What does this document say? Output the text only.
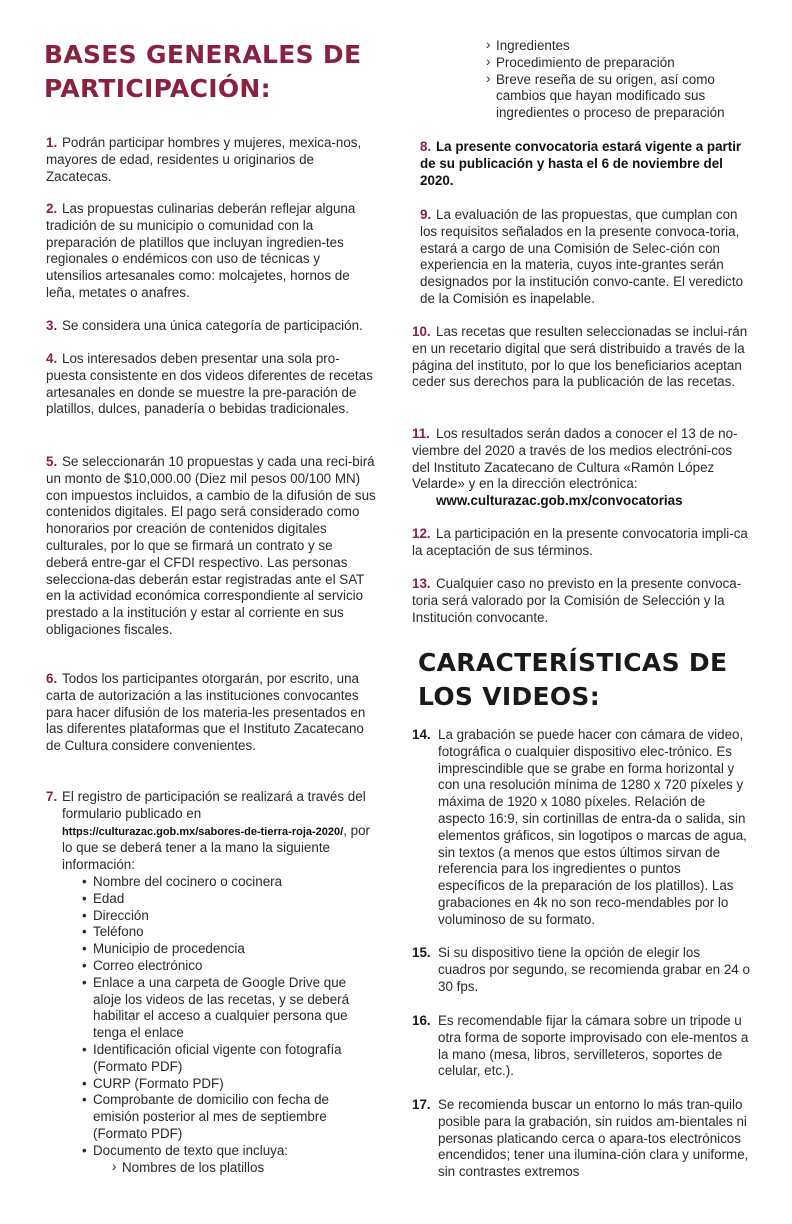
BASES GENERALES DE
PARTICIPACIÓN:
1. Podrán participar hombres y mujeres, mexica-nos, mayores de edad, residentes u originarios de Zacatecas.
2. Las propuestas culinarias deberán reflejar alguna tradición de su municipio o comunidad con la preparación de platillos que incluyan ingredien-tes regionales o endémicos con uso de técnicas y utensilios artesanales como: molcajetes, hornos de leña, metates o anafres.
3. Se considera una única categoría de participación.
4. Los interesados deben presentar una sola pro-puesta consistente en dos videos diferentes de recetas artesanales en donde se muestre la pre-paración de platillos, dulces, panadería o bebidas tradicionales.
5. Se seleccionarán 10 propuestas y cada una reci-birá un monto de $10,000.00 (Diez mil pesos 00/100 MN) con impuestos incluidos, a cambio de la difusión de sus contenidos digitales. El pago será considerado como honorarios por creación de contenidos digitales culturales, por lo que se firmará un contrato y se deberá entre-gar el CFDI respectivo. Las personas selecciona-das deberán estar registradas ante el SAT en la actividad económica correspondiente al servicio prestado a la institución y estar al corriente en sus obligaciones fiscales.
6. Todos los participantes otorgarán, por escrito, una carta de autorización a las instituciones convocantes para hacer difusión de los materia-les presentados en las diferentes plataformas que el Instituto Zacatecano de Cultura considere convenientes.
7. El registro de participación se realizará a través del formulario publicado en
https://culturazac.gob.mx/sabores-de-tierra-roja-2020/, por lo que se deberá tener a la mano la siguiente información:
• Nombre del cocinero o cocinera
• Edad
• Dirección
• Teléfono
• Municipio de procedencia
• Correo electrónico
• Enlace a una carpeta de Google Drive que aloje los videos de las recetas, y se deberá habilitar el acceso a cualquier persona que tenga el enlace
• Identificación oficial vigente con fotografía (Formato PDF)
• CURP (Formato PDF)
• Comprobante de domicilio con fecha de emisión posterior al mes de septiembre (Formato PDF)
• Documento de texto que incluya:
› Nombres de los platillos
› Ingredientes
› Procedimiento de preparación
› Breve reseña de su origen, así como cambios que hayan modificado sus ingredientes o proceso de preparación
8. La presente convocatoria estará vigente a partir de su publicación y hasta el 6 de noviembre del 2020.
9. La evaluación de las propuestas, que cumplan con los requisitos señalados en la presente convoca-toria, estará a cargo de una Comisión de Selec-ción con experiencia en la materia, cuyos inte-grantes serán designados por la institución convo-cante. El veredicto de la Comisión es inapelable.
10. Las recetas que resulten seleccionadas se inclui-rán en un recetario digital que será distribuido a través de la página del instituto, por lo que los beneficiarios aceptan ceder sus derechos para la publicación de las recetas.
11. Los resultados serán dados a conocer el 13 de no-viembre del 2020 a través de los medios electróni-cos del Instituto Zacatecano de Cultura «Ramón López Velarde» y en la dirección electrónica:
www.culturazac.gob.mx/convocatorias
12. La participación en la presente convocatoria impli-ca la aceptación de sus términos.
13. Cualquier caso no previsto en la presente convoca-toria será valorado por la Comisión de Selección y la Institución convocante.
CARACTERÍSTICAS DE
LOS VIDEOS:
14. La grabación se puede hacer con cámara de video, fotográfica o cualquier dispositivo elec-trónico. Es imprescindible que se grabe en forma horizontal y con una resolución mínima de 1280 x 720 píxeles y máxima de 1920 x 1080 píxeles. Relación de aspecto 16:9, sin cortinillas de entra-da o salida, sin elementos gráficos, sin logotipos o marcas de agua, sin textos (a menos que estos últimos sirvan de referencia para los ingredientes o puntos específicos de la preparación de los platillos). Las grabaciones en 4k no son reco-mendables por lo voluminoso de su formato.
15. Si su dispositivo tiene la opción de elegir los cuadros por segundo, se recomienda grabar en 24 o 30 fps.
16. Es recomendable fijar la cámara sobre un tripode u otra forma de soporte improvisado con ele-mentos a la mano (mesa, libros, servilleteros, soportes de celular, etc.).
17. Se recomienda buscar un entorno lo más tran-quilo posible para la grabación, sin ruidos am-bientales ni personas platicando cerca o apara-tos electrónicos encendidos; tener una ilumina-ción clara y uniforme, sin contrastes extremos
